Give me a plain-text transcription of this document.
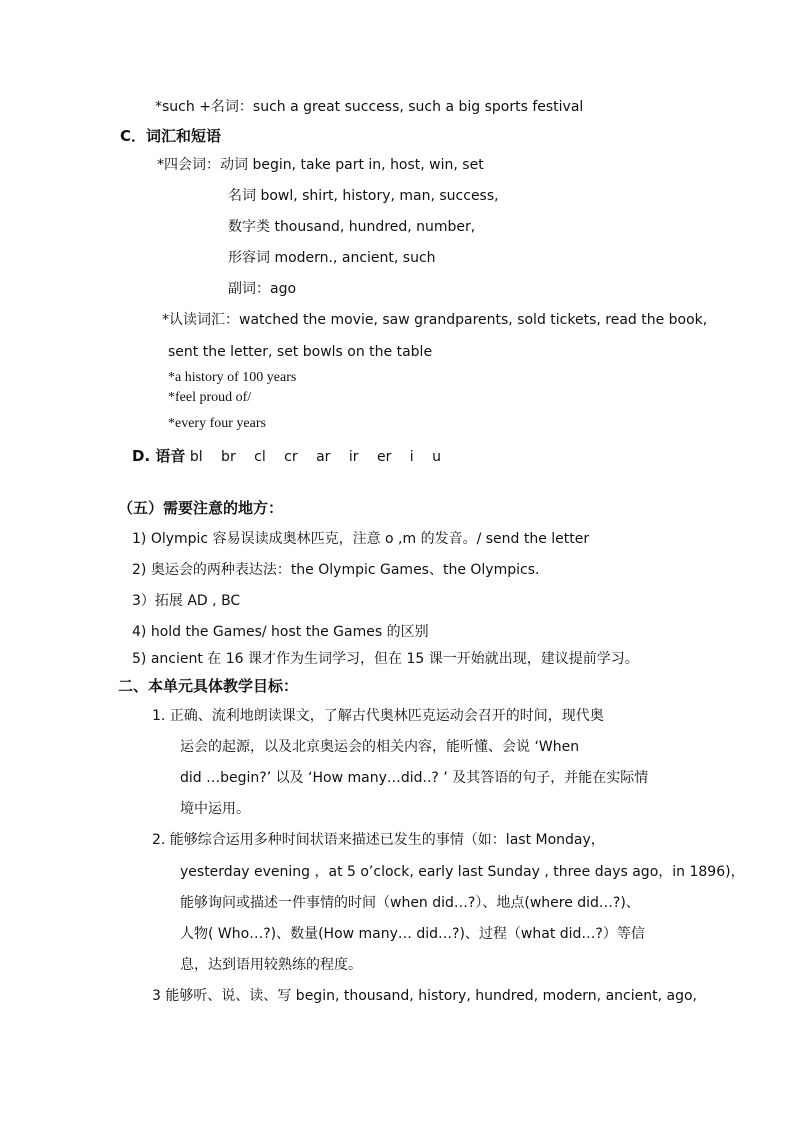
*such +名词：such a great success, such a big sports festival
C．词汇和短语
*四会词：动词 begin, take part in, host, win, set
名词 bowl, shirt, history, man, success,
数字类 thousand, hundred, number,
形容词 modern., ancient, such
副词：ago
*认读词汇：watched the movie, saw grandparents, sold tickets, read the book,
sent the letter, set bowls on the table
*a history of 100 years
*feel proud of/
*every four years
D. 语音 bl br cl cr ar ir er i u
（五）需要注意的地方：
1) Olympic 容易误读成奥林匹克，注意 o ,m 的发音。/ send the letter
2) 奥运会的两种表达法：the Olympic Games、the Olympics.
3）拓展 AD , BC
4) hold the Games/ host the Games 的区别
5) ancient 在 16 课才作为生词学习，但在 15 课一开始就出现，建议提前学习。
二、本单元具体教学目标：
1. 正确、流利地朗读课文，了解古代奥林匹克运动会召开的时间，现代奥
运会的起源，以及北京奥运会的相关内容，能听懂、会说 ‘When
did …begin?’ 以及 ‘How many…did..? ’ 及其答语的句子，并能在实际情
境中运用。
2. 能够综合运用多种时间状语来描述已发生的事情（如：last Monday，
yesterday evening ，at 5 o’clock, early last Sunday , three days ago，in 1896)，
能够询问或描述一件事情的时间（when did…?）、地点(where did…?)、
人物( Who…?)、数量(How many… did…?)、过程（what did…?）等信
息，达到语用较熟练的程度。
3 能够听、说、读、写 begin, thousand, history, hundred, modern, ancient, ago,
